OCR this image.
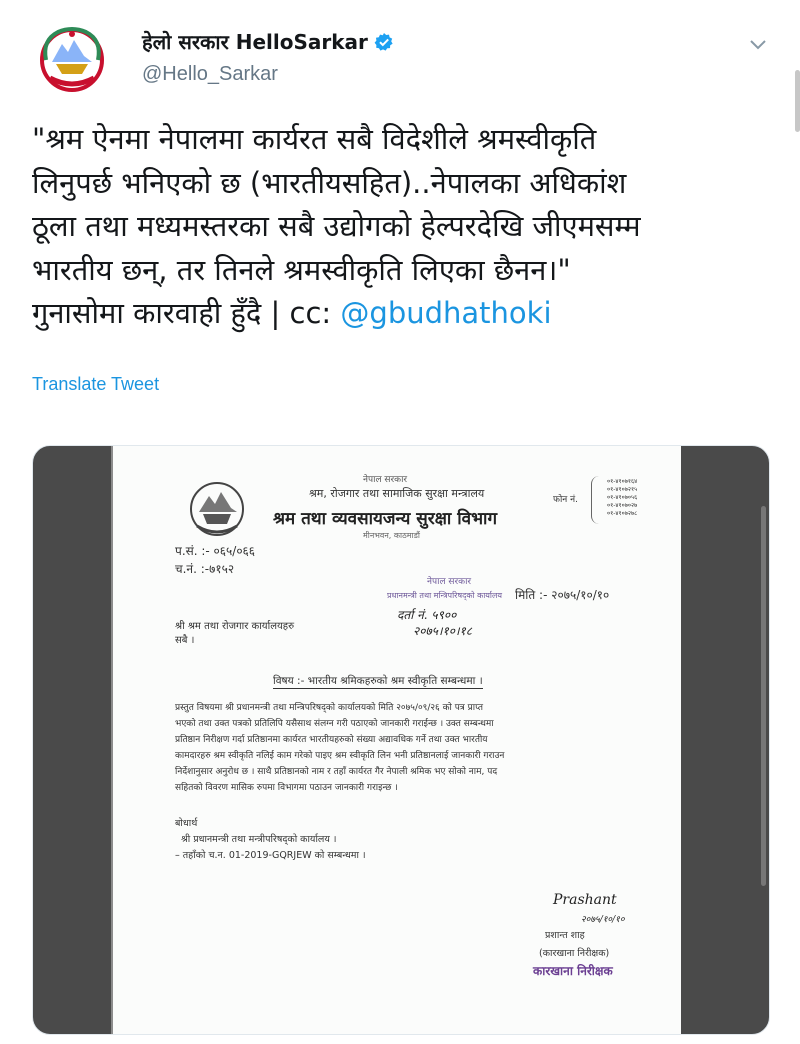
हेलो सरकार HelloSarkar
@Hello_Sarkar
"श्रम ऐनमा नेपालमा कार्यरत सबै विदेशीले श्रमस्वीकृति
लिनुपर्छ भनिएको छ (भारतीयसहित)..नेपालका अधिकांश
ठूला तथा मध्यमस्तरका सबै उद्योगको हेल्परदेखि जीएमसम्म
भारतीय छन्, तर तिनले श्रमस्वीकृति लिएका छैनन।"
गुनासोमा कारवाही हुँदै | cc: @gbudhathoki
Translate Tweet
नेपाल सरकार
श्रम, रोजगार तथा सामाजिक सुरक्षा मन्त्रालय
श्रम तथा व्यवसायजन्य सुरक्षा विभाग
मीनभवन, काठमाडौं
फोन नं.
०१-४१०७१६४
०१-४१०७२१५
०१-४१०७०५६
०१-४१०७०२७
०१-४१०७२७८
प.सं. :- ०६५/०६६
च.नं. :-७१५२
नेपाल सरकार
प्रधानमन्त्री तथा मन्त्रिपरिषद्को कार्यालय
दर्ता नं. ५९००
२०७५।१०।१८
मिति :- २०७५/१०/१०
श्री श्रम तथा रोजगार कार्यालयहरु
सबै ।
विषय :- भारतीय श्रमिकहरुको श्रम स्वीकृति सम्बन्धमा ।
प्रस्तुत विषयमा श्री प्रधानमन्त्री तथा मन्त्रिपरिषद्को कार्यालयको मिति २०७५/०९/२६ को पत्र प्राप्त
भएको तथा उक्त पत्रको प्रतिलिपि यसैसाथ संलग्न गरी पठाएको जानकारी गराईन्छ । उक्त सम्बन्धमा
प्रतिष्ठान निरीक्षण गर्दा प्रतिष्ठानमा कार्यरत भारतीयहरुको संख्या अद्यावधिक गर्ने तथा उक्त भारतीय
कामदारहरु श्रम स्वीकृति नलिई काम गरेको पाइए श्रम स्वीकृति लिन भनी प्रतिष्ठानलाई जानकारी गराउन
निर्देशानुसार अनुरोध छ । साथै प्रतिष्ठानको नाम र तहाँ कार्यरत गैर नेपाली श्रमिक भए सोको नाम, पद
सहितको विवरण मासिक रुपमा विभागमा पठाउन जानकारी गराइन्छ ।
बोधार्थ
श्री प्रधानमन्त्री तथा मन्त्रीपरिषद्को कार्यालय ।
– तहाँको च.न. 01-2019-GQRJEW को सम्बन्धमा ।
Prashant
२०७५/१०/१०
प्रशान्त शाह
(कारखाना निरीक्षक)
कारखाना निरीक्षक
